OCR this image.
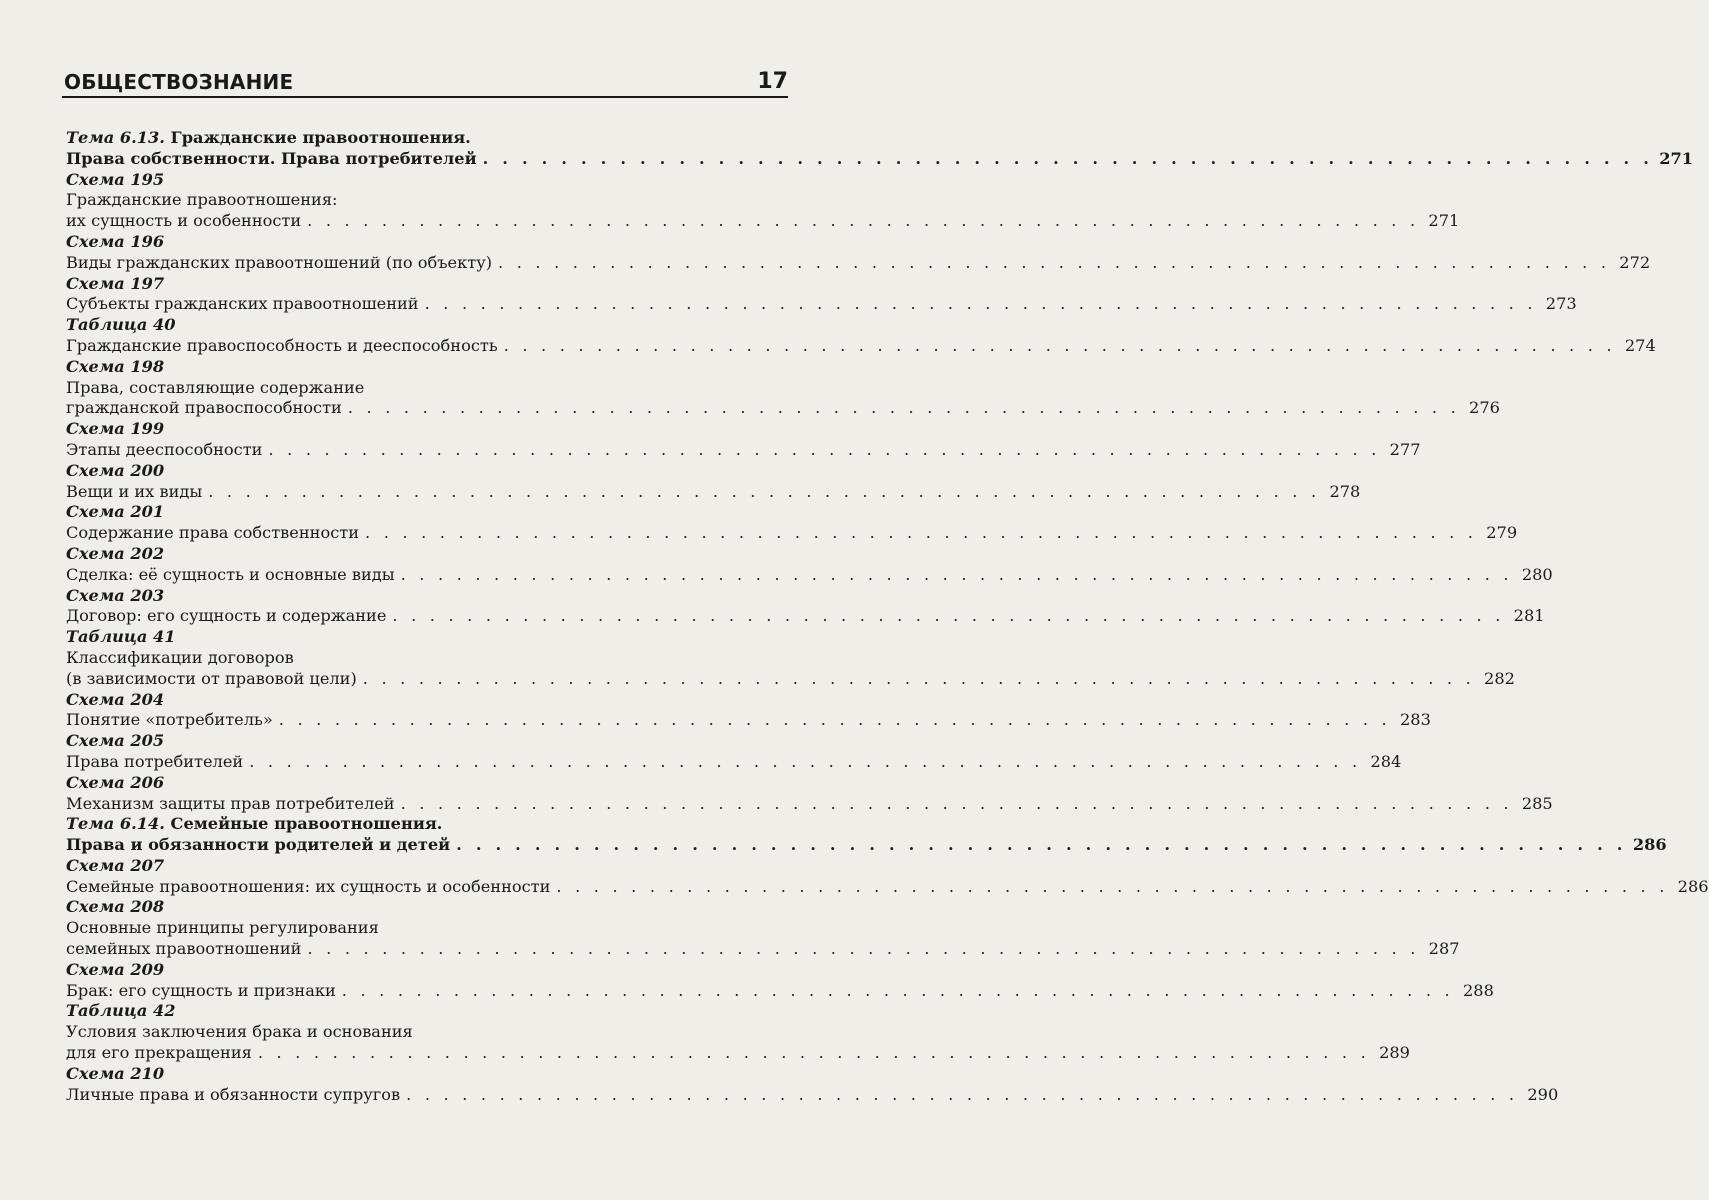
ОБЩЕСТВОЗНАНИЕ	17
Тема 6.13. Гражданские правоотношения.
Права собственности. Права потребителей . . . . . . . . . . . . . . . . . . . . . . . . . . . . . . . . . . . . . . . . . . . . . . . . . . . . . . . . . . . . 271
Схема 195
Гражданские правоотношения:
их сущность и особенности . . . . . . . . . . . . . . . . . . . . . . . . . . . . . . . . . . . . . . . . . . . . . . . . . . . . . . . . . . . . 271
Схема 196
Виды гражданских правоотношений (по объекту) . . . . . . . . . . . . . . . . . . . . . . . . . . . . . . . . . . . . . . . . . . . . . . . . . . . . . . . . . . . . 272
Схема 197
Субъекты гражданских правоотношений . . . . . . . . . . . . . . . . . . . . . . . . . . . . . . . . . . . . . . . . . . . . . . . . . . . . . . . . . . . . 273
Таблица 40
Гражданские правоспособность и дееспособность . . . . . . . . . . . . . . . . . . . . . . . . . . . . . . . . . . . . . . . . . . . . . . . . . . . . . . . . . . . . 274
Схема 198
Права, составляющие содержание
гражданской правоспособности . . . . . . . . . . . . . . . . . . . . . . . . . . . . . . . . . . . . . . . . . . . . . . . . . . . . . . . . . . . . 276
Схема 199
Этапы дееспособности . . . . . . . . . . . . . . . . . . . . . . . . . . . . . . . . . . . . . . . . . . . . . . . . . . . . . . . . . . . . 277
Схема 200
Вещи и их виды . . . . . . . . . . . . . . . . . . . . . . . . . . . . . . . . . . . . . . . . . . . . . . . . . . . . . . . . . . . . 278
Схема 201
Содержание права собственности . . . . . . . . . . . . . . . . . . . . . . . . . . . . . . . . . . . . . . . . . . . . . . . . . . . . . . . . . . . . 279
Схема 202
Сделка: её сущность и основные виды . . . . . . . . . . . . . . . . . . . . . . . . . . . . . . . . . . . . . . . . . . . . . . . . . . . . . . . . . . . . 280
Схема 203
Договор: его сущность и содержание . . . . . . . . . . . . . . . . . . . . . . . . . . . . . . . . . . . . . . . . . . . . . . . . . . . . . . . . . . . . 281
Таблица 41
Классификации договоров
(в зависимости от правовой цели) . . . . . . . . . . . . . . . . . . . . . . . . . . . . . . . . . . . . . . . . . . . . . . . . . . . . . . . . . . . . 282
Схема 204
Понятие «потребитель» . . . . . . . . . . . . . . . . . . . . . . . . . . . . . . . . . . . . . . . . . . . . . . . . . . . . . . . . . . . . 283
Схема 205
Права потребителей . . . . . . . . . . . . . . . . . . . . . . . . . . . . . . . . . . . . . . . . . . . . . . . . . . . . . . . . . . . . 284
Схема 206
Механизм защиты прав потребителей . . . . . . . . . . . . . . . . . . . . . . . . . . . . . . . . . . . . . . . . . . . . . . . . . . . . . . . . . . . . 285
Тема 6.14. Семейные правоотношения.
Права и обязанности родителей и детей . . . . . . . . . . . . . . . . . . . . . . . . . . . . . . . . . . . . . . . . . . . . . . . . . . . . . . . . . . . . 286
Схема 207
Семейные правоотношения: их сущность и особенности . . . . . . . . . . . . . . . . . . . . . . . . . . . . . . . . . . . . . . . . . . . . . . . . . . . . . . . . . . . . 286
Схема 208
Основные принципы регулирования
семейных правоотношений . . . . . . . . . . . . . . . . . . . . . . . . . . . . . . . . . . . . . . . . . . . . . . . . . . . . . . . . . . . . 287
Схема 209
Брак: его сущность и признаки . . . . . . . . . . . . . . . . . . . . . . . . . . . . . . . . . . . . . . . . . . . . . . . . . . . . . . . . . . . . 288
Таблица 42
Условия заключения брака и основания
для его прекращения . . . . . . . . . . . . . . . . . . . . . . . . . . . . . . . . . . . . . . . . . . . . . . . . . . . . . . . . . . . . 289
Схема 210
Личные права и обязанности супругов . . . . . . . . . . . . . . . . . . . . . . . . . . . . . . . . . . . . . . . . . . . . . . . . . . . . . . . . . . . . 290
